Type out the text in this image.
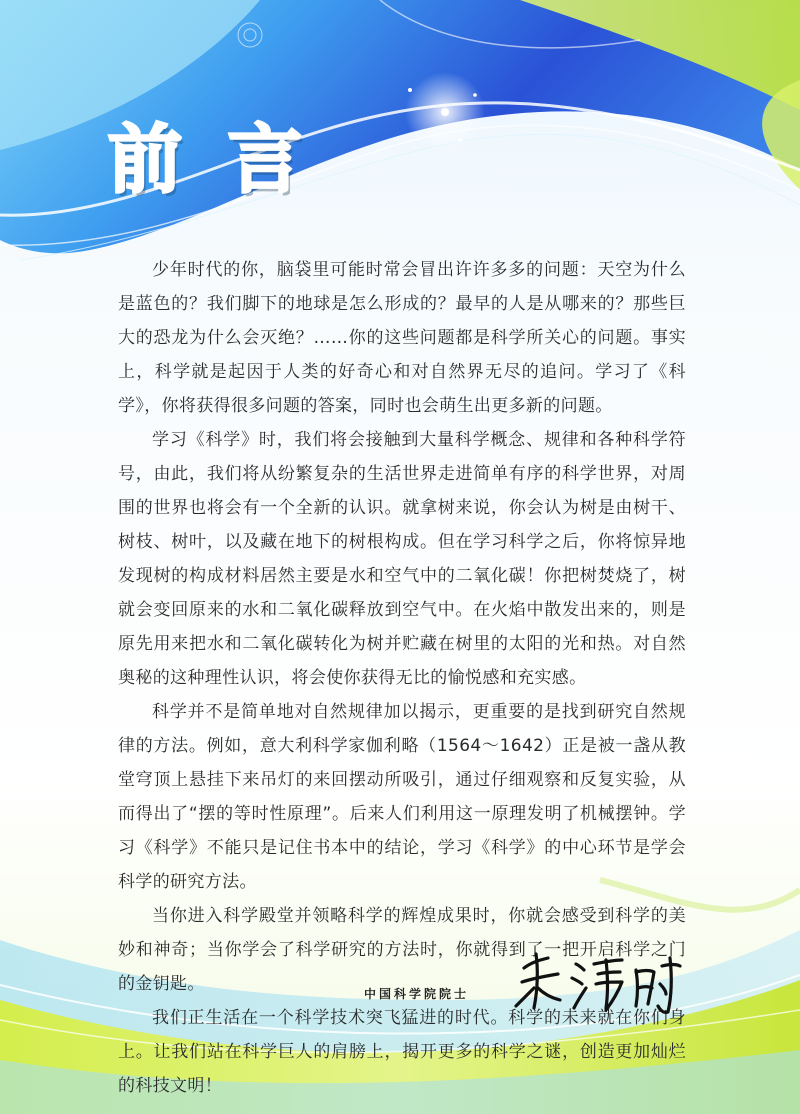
前 言

少年时代的你，脑袋里可能时常会冒出许许多多的问题：天空为什么是蓝色的？我们脚下的地球是怎么形成的？最早的人是从哪来的？那些巨大的恐龙为什么会灭绝？……你的这些问题都是科学所关心的问题。事实上，科学就是起因于人类的好奇心和对自然界无尽的追问。学习了《科学》，你将获得很多问题的答案，同时也会萌生出更多新的问题。

学习《科学》时，我们将会接触到大量科学概念、规律和各种科学符号，由此，我们将从纷繁复杂的生活世界走进简单有序的科学世界，对周围的世界也将会有一个全新的认识。就拿树来说，你会认为树是由树干、树枝、树叶，以及藏在地下的树根构成。但在学习科学之后，你将惊异地发现树的构成材料居然主要是水和空气中的二氧化碳！你把树焚烧了，树就会变回原来的水和二氧化碳释放到空气中。在火焰中散发出来的，则是原先用来把水和二氧化碳转化为树并贮藏在树里的太阳的光和热。对自然奥秘的这种理性认识，将会使你获得无比的愉悦感和充实感。

科学并不是简单地对自然规律加以揭示，更重要的是找到研究自然规律的方法。例如，意大利科学家伽利略（1564～1642）正是被一盏从教堂穹顶上悬挂下来吊灯的来回摆动所吸引，通过仔细观察和反复实验，从而得出了“摆的等时性原理”。后来人们利用这一原理发明了机械摆钟。学习《科学》不能只是记住书本中的结论，学习《科学》的中心环节是学会科学的研究方法。

当你进入科学殿堂并领略科学的辉煌成果时，你就会感受到科学的美妙和神奇；当你学会了科学研究的方法时，你就得到了一把开启科学之门的金钥匙。

我们正生活在一个科学技术突飞猛进的时代。科学的未来就在你们身上。让我们站在科学巨人的肩膀上，揭开更多的科学之谜，创造更加灿烂的科技文明！

中国科学院院士
